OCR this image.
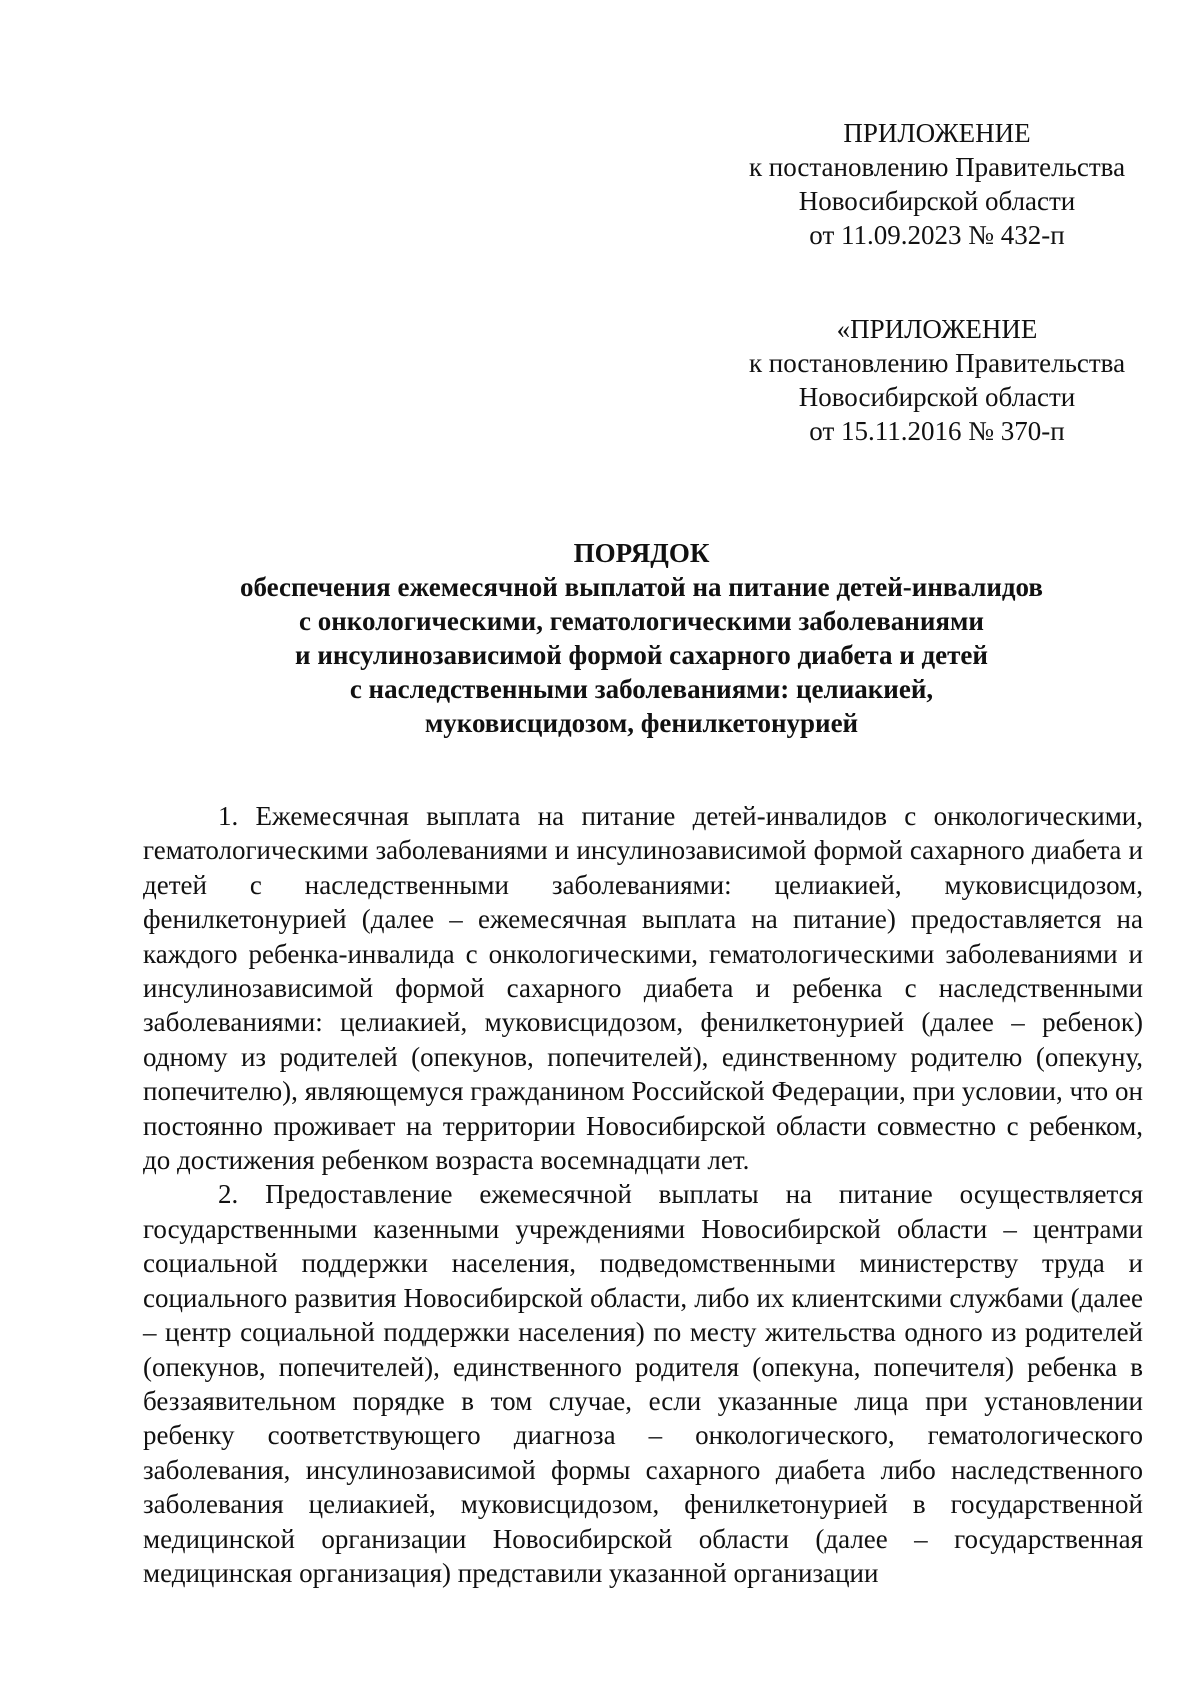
ПРИЛОЖЕНИЕ
к постановлению Правительства
Новосибирской области
от 11.09.2023 № 432-п
«ПРИЛОЖЕНИЕ
к постановлению Правительства
Новосибирской области
от 15.11.2016 № 370-п
ПОРЯДОК
обеспечения ежемесячной выплатой на питание детей-инвалидов
с онкологическими, гематологическими заболеваниями
и инсулинозависимой формой сахарного диабета и детей
с наследственными заболеваниями: целиакией,
муковисцидозом, фенилкетонурией

1. Ежемесячная выплата на питание детей-инвалидов с онкологическими, гематологическими заболеваниями и инсулинозависимой формой сахарного диабета и детей с наследственными заболеваниями: целиакией, муковисцидозом, фенилкетонурией (далее – ежемесячная выплата на питание) предоставляется на каждого ребенка-инвалида с онкологическими, гематологическими заболеваниями и инсулинозависимой формой сахарного диабета и ребенка с наследственными заболеваниями: целиакией, муковисцидозом, фенилкетонурией (далее – ребенок) одному из родителей (опекунов, попечителей), единственному родителю (опекуну, попечителю), являющемуся гражданином Российской Федерации, при условии, что он постоянно проживает на территории Новосибирской области совместно с ребенком, до достижения ребенком возраста восемнадцати лет.

2. Предоставление ежемесячной выплаты на питание осуществляется государственными казенными учреждениями Новосибирской области – центрами социальной поддержки населения, подведомственными министерству труда и социального развития Новосибирской области, либо их клиентскими службами (далее – центр социальной поддержки населения) по месту жительства одного из родителей (опекунов, попечителей), единственного родителя (опекуна, попечителя) ребенка в беззаявительном порядке в том случае, если указанные лица при установлении ребенку соответствующего диагноза – онкологического, гематологического заболевания, инсулинозависимой формы сахарного диабета либо наследственного заболевания целиакией, муковисцидозом, фенилкетонурией в государственной медицинской организации Новосибирской области (далее – государственная медицинская организация) представили указанной организации
